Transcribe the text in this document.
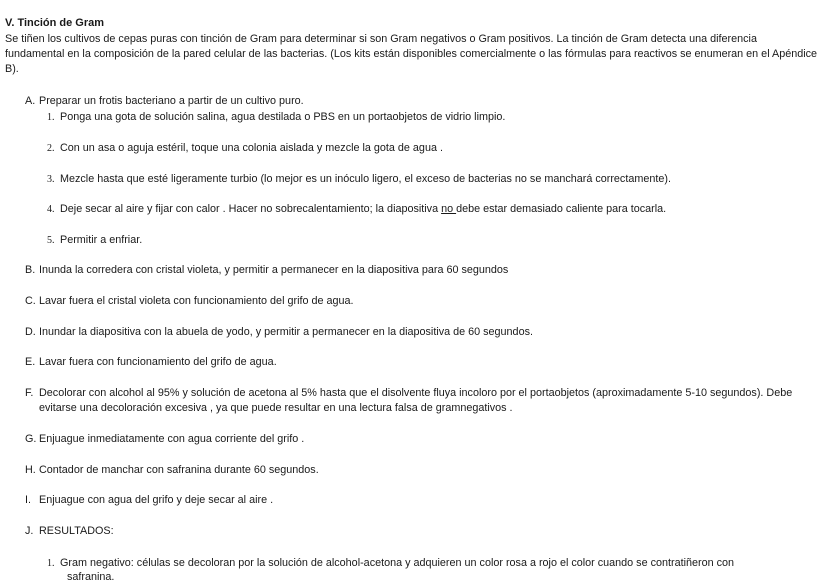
V. Tinción de Gram
Se tiñen los cultivos de cepas puras con tinción de Gram para determinar si son Gram negativos o Gram positivos. La tinción de Gram detecta una diferencia fundamental en la composición de la pared celular de las bacterias. (Los kits están disponibles comercialmente o las fórmulas para reactivos se enumeran en el Apéndice B).
A. Preparar un frotis bacteriano a partir de un cultivo puro.
1. Ponga una gota de solución salina, agua destilada o PBS en un portaobjetos de vidrio limpio.
2. Con un asa o aguja estéril, toque una colonia aislada y mezcle la gota de agua .
3. Mezcle hasta que esté ligeramente turbio (lo mejor es un inóculo ligero, el exceso de bacterias no se manchará correctamente).
4. Deje secar al aire y fijar con calor . Hacer no sobrecalentamiento; la diapositiva no debe estar demasiado caliente para tocarla.
5. Permitir a enfriar.
B. Inunda la corredera con cristal violeta, y permitir a permanecer en la diapositiva para 60 segundos
C. Lavar fuera el cristal violeta con funcionamiento del grifo de agua.
D. Inundar la diapositiva con la abuela de yodo, y permitir a permanecer en la diapositiva de 60 segundos.
E. Lavar fuera con funcionamiento del grifo de agua.
F. Decolorar con alcohol al 95% y solución de acetona al 5% hasta que el disolvente fluya incoloro por el portaobjetos (aproximadamente 5-10 segundos). Debe
evitarse una decoloración excesiva , ya que puede resultar en una lectura falsa de gramnegativos .
G. Enjuague inmediatamente con agua corriente del grifo .
H. Contador de manchar con safranina durante 60 segundos.
I. Enjuague con agua del grifo y deje secar al aire .
J. RESULTADOS:
1. Gram negativo: células se decoloran por la solución de alcohol-acetona y adquieren un color rosa a rojo el color cuando se contratiñeron con
safranina.
